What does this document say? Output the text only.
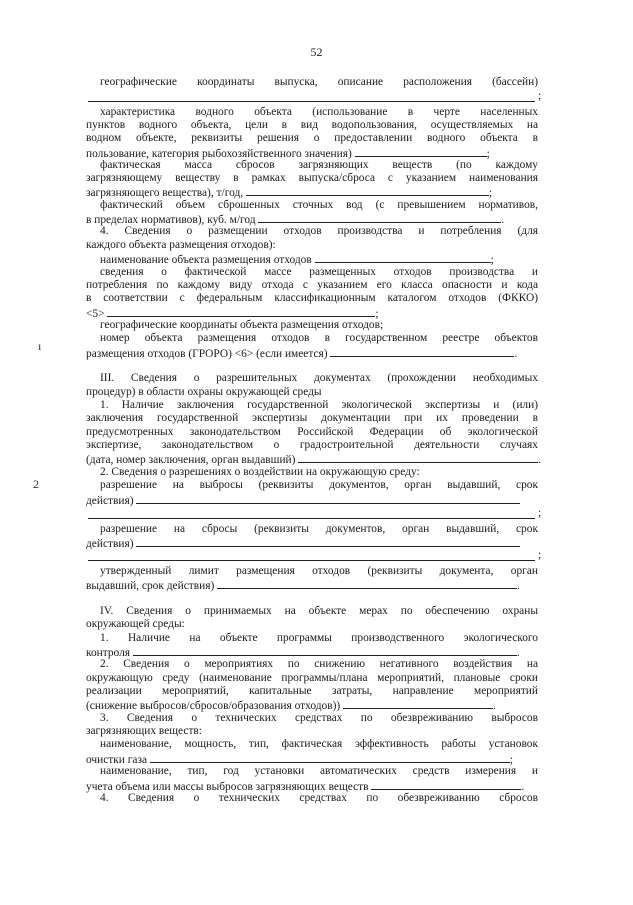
52
ı
2
географические координаты выпуска, описание расположения (бассейн)
;
характеристика водного объекта (использование в черте населенных
пунктов водного объекта, цели в вид водопользования, осуществляемых на
водном объекте, реквизиты решения о предоставлении водного объекта в
пользование, категория рыбохозяйственного значения)	;
фактическая масса сбросов загрязняющих веществ (по каждому
загрязняющему веществу в рамках выпуска/сброса с указанием наименования
загрязняющего вещества), т/год,	;
фактический объем сброшенных сточных вод (с превышением нормативов,
в пределах нормативов), куб. м/год	.
4. Сведения о размещении отходов производства и потребления (для
каждого объекта размещения отходов):
наименование объекта размещения отходов	;
сведения о фактической массе размещенных отходов производства и
потребления по каждому виду отхода с указанием его класса опасности и кода
в соответствии с федеральным классификационным каталогом отходов (ФККО)
<5>	;
географические координаты объекта размещения отходов;
номер объекта размещения отходов в государственном реестре объектов
размещения отходов (ГРОРО) <6> (если имеется)	.
III. Сведения о разрешительных документах (прохождении необходимых
процедур) в области охраны окружающей среды
1. Наличие заключения государственной экологической экспертизы и (или)
заключения государственной экспертизы документации при их проведении в
предусмотренных законодательством Российской Федерации об экологической
экспертизе, законодательством о градостроительной деятельности случаях
(дата, номер заключения, орган выдавший)	.
2. Сведения о разрешениях о воздействии на окружающую среду:
разрешение на выбросы (реквизиты документов, орган выдавший, срок
действия)
;
разрешение на сбросы (реквизиты документов, орган выдавший, срок
действия)
;
утвержденный лимит размещения отходов (реквизиты документа, орган
выдавший, срок действия)	.
IV. Сведения о принимаемых на объекте мерах по обеспечению охраны
окружающей среды:
1. Наличие на объекте программы производственного экологического
контроля	.
2. Сведения о мероприятиях по снижению негативного воздействия на
окружающую среду (наименование программы/плана мероприятий, плановые сроки
реализации мероприятий, капитальные затраты, направление мероприятий
(снижение выбросов/сбросов/образования отходов))	.
3. Сведения о технических средствах по обезвреживанию выбросов
загрязняющих веществ:
наименование, мощность, тип, фактическая эффективность работы установок
очистки газа	;
наименование, тип, год установки автоматических средств измерения и
учета объема или массы выбросов загрязняющих веществ	.
4. Сведения о технических средствах по обезвреживанию сбросов
